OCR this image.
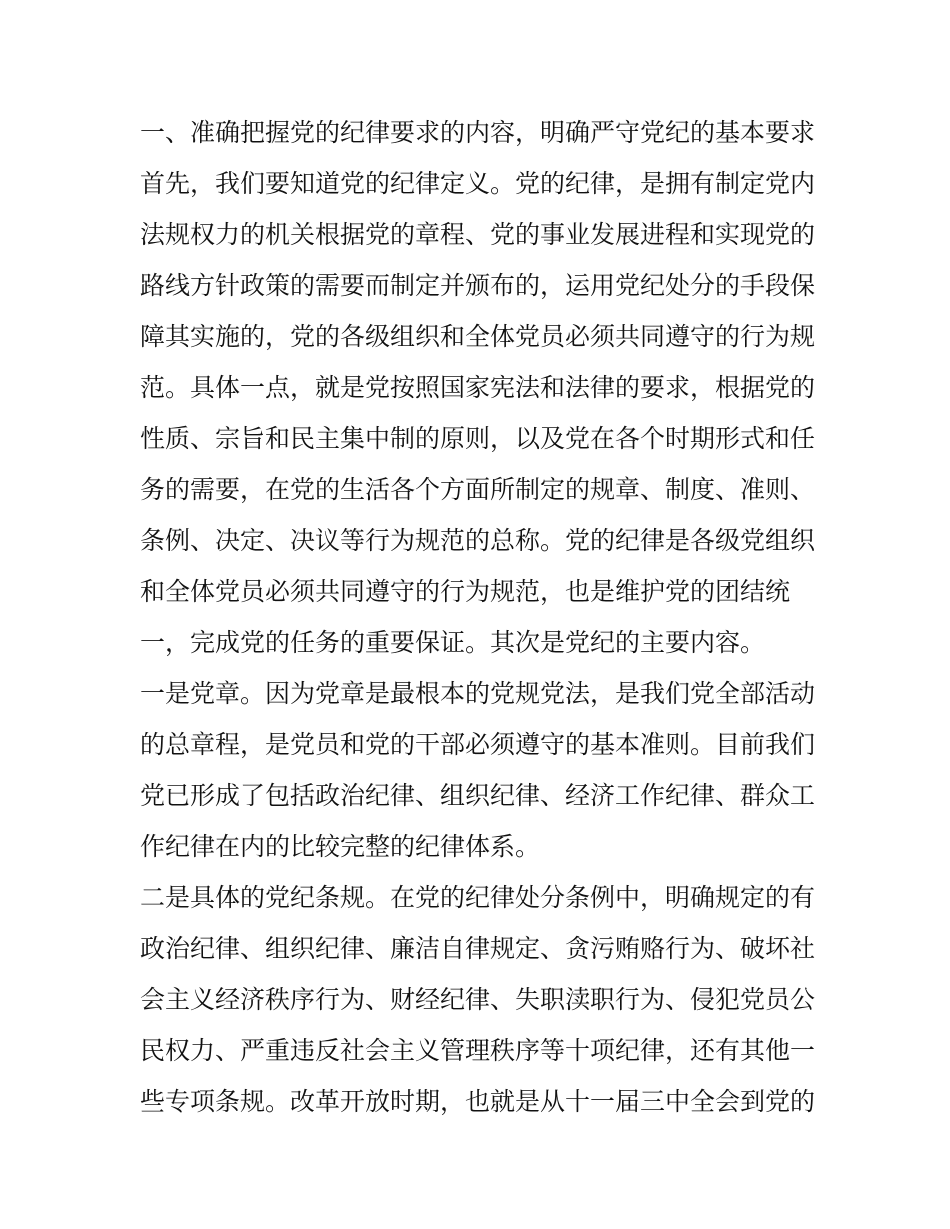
一、准确把握党的纪律要求的内容，明确严守党纪的基本要求
首先，我们要知道党的纪律定义。党的纪律，是拥有制定党内
法规权力的机关根据党的章程、党的事业发展进程和实现党的
路线方针政策的需要而制定并颁布的，运用党纪处分的手段保
障其实施的，党的各级组织和全体党员必须共同遵守的行为规
范。具体一点，就是党按照国家宪法和法律的要求，根据党的
性质、宗旨和民主集中制的原则，以及党在各个时期形式和任
务的需要，在党的生活各个方面所制定的规章、制度、准则、
条例、决定、决议等行为规范的总称。党的纪律是各级党组织
和全体党员必须共同遵守的行为规范，也是维护党的团结统
一，完成党的任务的重要保证。其次是党纪的主要内容。
一是党章。因为党章是最根本的党规党法，是我们党全部活动
的总章程，是党员和党的干部必须遵守的基本准则。目前我们
党已形成了包括政治纪律、组织纪律、经济工作纪律、群众工
作纪律在内的比较完整的纪律体系。
二是具体的党纪条规。在党的纪律处分条例中，明确规定的有
政治纪律、组织纪律、廉洁自律规定、贪污贿赂行为、破坏社
会主义经济秩序行为、财经纪律、失职渎职行为、侵犯党员公
民权力、严重违反社会主义管理秩序等十项纪律，还有其他一
些专项条规。改革开放时期，也就是从十一届三中全会到党的
